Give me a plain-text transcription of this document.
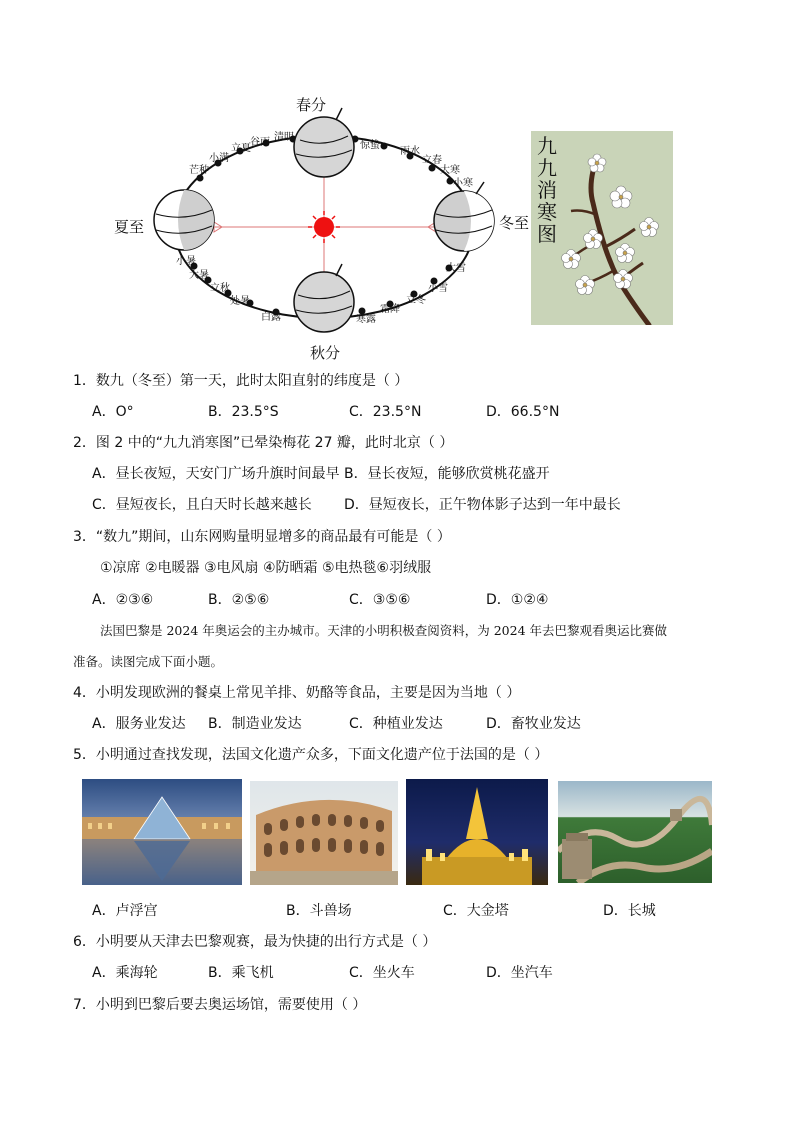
春分
夏至
秋分
冬至
惊蛰
雨水
立春
大寒
小寒
清明
谷雨
立夏
小满
芒种
小暑
大暑
立秋
处暑
白露	寒露
霜降
立冬
小雪
大雪
九九消寒图
1．数九（冬至）第一天，此时太阳直射的纬度是（ ）
A．O°	B．23.5°S	C．23.5°N	D．66.5°N
2．图 2 中的“九九消寒图”已晕染梅花 27 瓣，此时北京（ ）
A．昼长夜短，天安门广场升旗时间最早 B．昼长夜短，能够欣赏桃花盛开
C．昼短夜长，且白天时长越来越长 D．昼短夜长，正午物体影子达到一年中最长
3．“数九”期间，山东网购量明显增多的商品最有可能是（ ）
①凉席 ②电暖器 ③电风扇 ④防晒霜 ⑤电热毯⑥羽绒服
A．②③⑥	B．②⑤⑥	C．③⑤⑥	D．①②④
法国巴黎是 2024 年奥运会的主办城市。天津的小明积极查阅资料，为 2024 年去巴黎观看奥运比赛做
准备。读图完成下面小题。
4．小明发现欧洲的餐桌上常见羊排、奶酪等食品，主要是因为当地（ ）
A．服务业发达 B．制造业发达	C．种植业发达	D．畜牧业发达
5．小明通过查找发现，法国文化遗产众多，下面文化遗产位于法国的是（ ）
A．卢浮宫	B．斗兽场	C．大金塔	D．长城
6．小明要从天津去巴黎观赛，最为快捷的出行方式是（ ）
A．乘海轮	B．乘飞机	C．坐火车	D．坐汽车
7．小明到巴黎后要去奥运场馆，需要使用（ ）
